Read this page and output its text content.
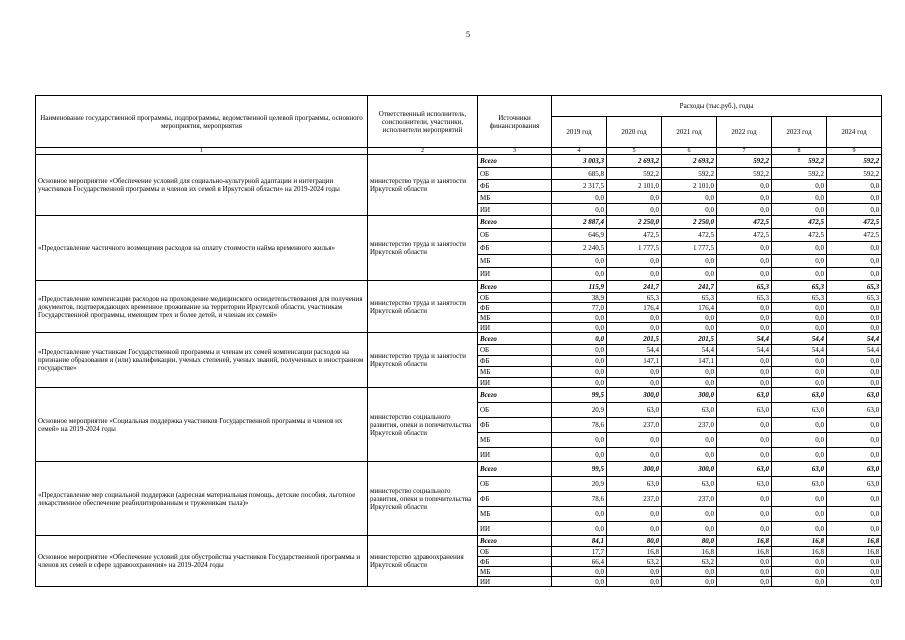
5
Наименование государственной программы, подпрограммы, ведомственной целевой программы, основного мероприятия, мероприятия	Ответственный исполнитель, соисполнители, участники, исполнители мероприятий	Источники финансирования	Расходы (тыс.руб.), годы					
			2019 год	2020 год	2021 год	2022 год	2023 год	2024 год
1	2	3	4	5	6	7	8	9
Основное мероприятие «Обеспечение условий для социально-культурной адаптации и интеграции участников Государственной программы и членов их семей в Иркутской области» на 2019-2024 годы	министерство труда и занятости Иркутской области	Всего	3 003,3	2 693,2	2 693,2	592,2	592,2	592,2
		ОБ	685,8	592,2	592,2	592,2	592,2	592,2
		ФБ	2 317,5	2 101,0	2 101,0	0,0	0,0	0,0
		МБ	0,0	0,0	0,0	0,0	0,0	0,0
		ИИ	0,0	0,0	0,0	0,0	0,0	0,0
«Предоставление частичного возмещения расходов на оплату стоимости найма временного жилья»	министерство труда и занятости Иркутской области	Всего	2 887,4	2 250,0	2 250,0	472,5	472,5	472,5
		ОБ	646,9	472,5	472,5	472,5	472,5	472,5
		ФБ	2 240,5	1 777,5	1 777,5	0,0	0,0	0,0
		МБ	0,0	0,0	0,0	0,0	0,0	0,0
		ИИ	0,0	0,0	0,0	0,0	0,0	0,0
«Предоставление компенсации расходов на прохождение медицинского освидетельствования для получения документов, подтверждающих временное проживание на территории Иркутской области, участникам Государственной программы, имеющим трех и более детей, и членам их семей»	министерство труда и занятости Иркутской области	Всего	115,9	241,7	241,7	65,3	65,3	65,3
		ОБ	38,9	65,3	65,3	65,3	65,3	65,3
		ФБ	77,0	176,4	176,4	0,0	0,0	0,0
		МБ	0,0	0,0	0,0	0,0	0,0	0,0
		ИИ	0,0	0,0	0,0	0,0	0,0	0,0
«Предоставление участникам Государственной программы и членам их семей компенсации расходов на признание образования и (или) квалификации, ученых степеней, ученых званий, полученных в иностранном государстве»	министерство труда и занятости Иркутской области	Всего	0,0	201,5	201,5	54,4	54,4	54,4
		ОБ	0,0	54,4	54,4	54,4	54,4	54,4
		ФБ	0,0	147,1	147,1	0,0	0,0	0,0
		МБ	0,0	0,0	0,0	0,0	0,0	0,0
		ИИ	0,0	0,0	0,0	0,0	0,0	0,0
Основное мероприятие «Социальная поддержка участников Государственной программы и членов их семей» на 2019-2024 годы	министерство социального развития, опеки и попечительства Иркутской области	Всего	99,5	300,0	300,0	63,0	63,0	63,0
		ОБ	20,9	63,0	63,0	63,0	63,0	63,0
		ФБ	78,6	237,0	237,0	0,0	0,0	0,0
		МБ	0,0	0,0	0,0	0,0	0,0	0,0
		ИИ	0,0	0,0	0,0	0,0	0,0	0,0
«Предоставление мер социальной поддержки (адресная материальная помощь, детские пособия, льготное лекарственное обеспечение реабилитированным и труженикам тыла)»	министерство социального развития, опеки и попечительства Иркутской области	Всего	99,5	300,0	300,0	63,0	63,0	63,0
		ОБ	20,9	63,0	63,0	63,0	63,0	63,0
		ФБ	78,6	237,0	237,0	0,0	0,0	0,0
		МБ	0,0	0,0	0,0	0,0	0,0	0,0
		ИИ	0,0	0,0	0,0	0,0	0,0	0,0
Основное мероприятие «Обеспечение условий для обустройства участников Государственной программы и членов их семей в сфере здравоохранения» на 2019-2024 годы	министерство здравоохранения Иркутской области	Всего	84,1	80,0	80,0	16,8	16,8	16,8
		ОБ	17,7	16,8	16,8	16,8	16,8	16,8
		ФБ	66,4	63,2	63,2	0,0	0,0	0,0
		МБ	0,0	0,0	0,0	0,0	0,0	0,0
		ИИ	0,0	0,0	0,0	0,0	0,0	0,0
